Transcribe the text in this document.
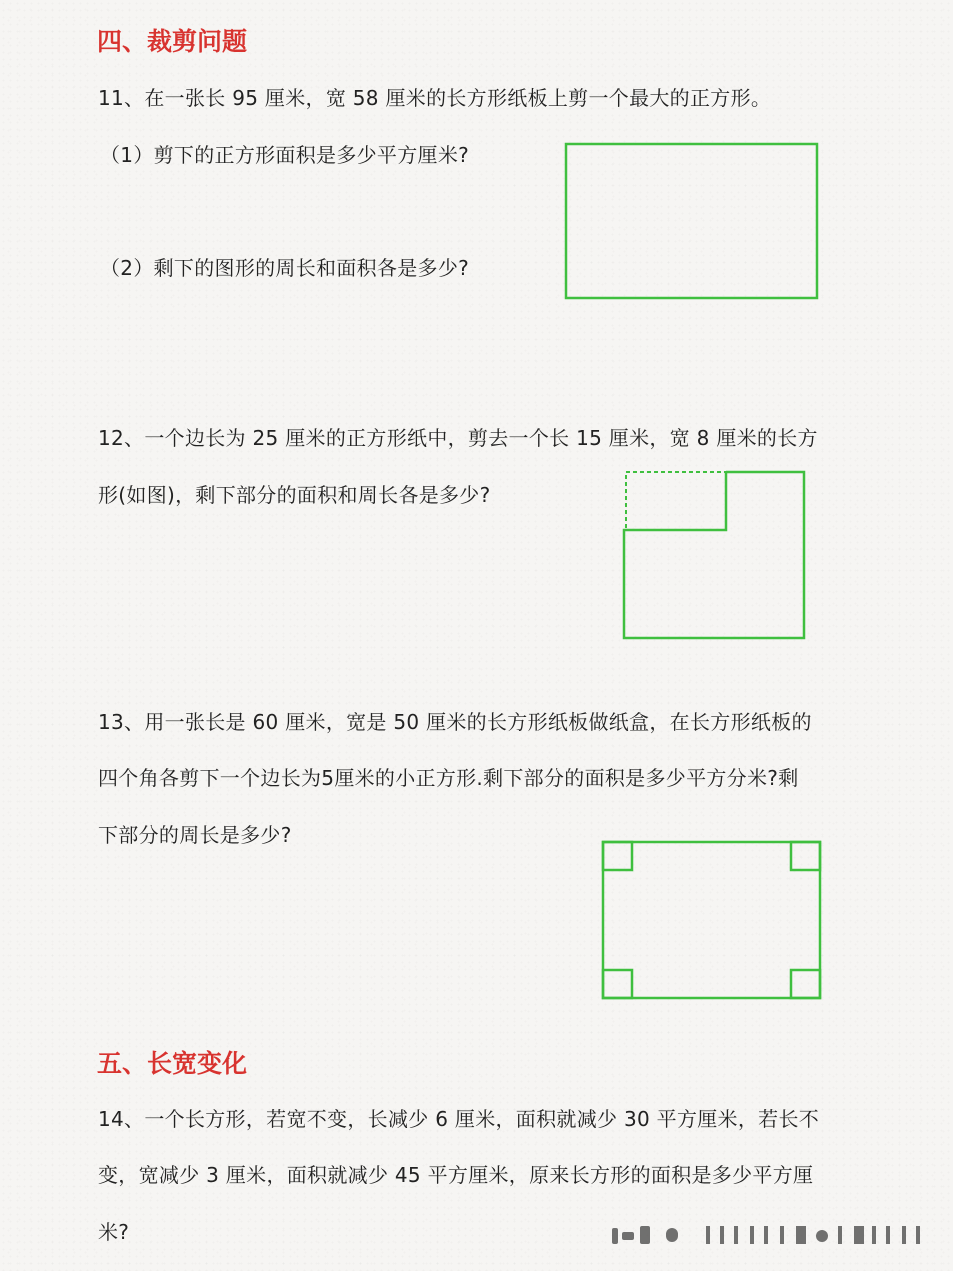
四、裁剪问题
11、在一张长 95 厘米，宽 58 厘米的长方形纸板上剪一个最大的正方形。
（1）剪下的正方形面积是多少平方厘米?
（2）剩下的图形的周长和面积各是多少?
12、一个边长为 25 厘米的正方形纸中，剪去一个长 15 厘米，宽 8 厘米的长方
形(如图)，剩下部分的面积和周长各是多少?
13、用一张长是 60 厘米，宽是 50 厘米的长方形纸板做纸盒，在长方形纸板的
四个角各剪下一个边长为5厘米的小正方形.剩下部分的面积是多少平方分米?剩
下部分的周长是多少?
五、长宽变化
14、一个长方形，若宽不变，长减少 6 厘米，面积就减少 30 平方厘米，若长不
变，宽减少 3 厘米，面积就减少 45 平方厘米，原来长方形的面积是多少平方厘
米?
